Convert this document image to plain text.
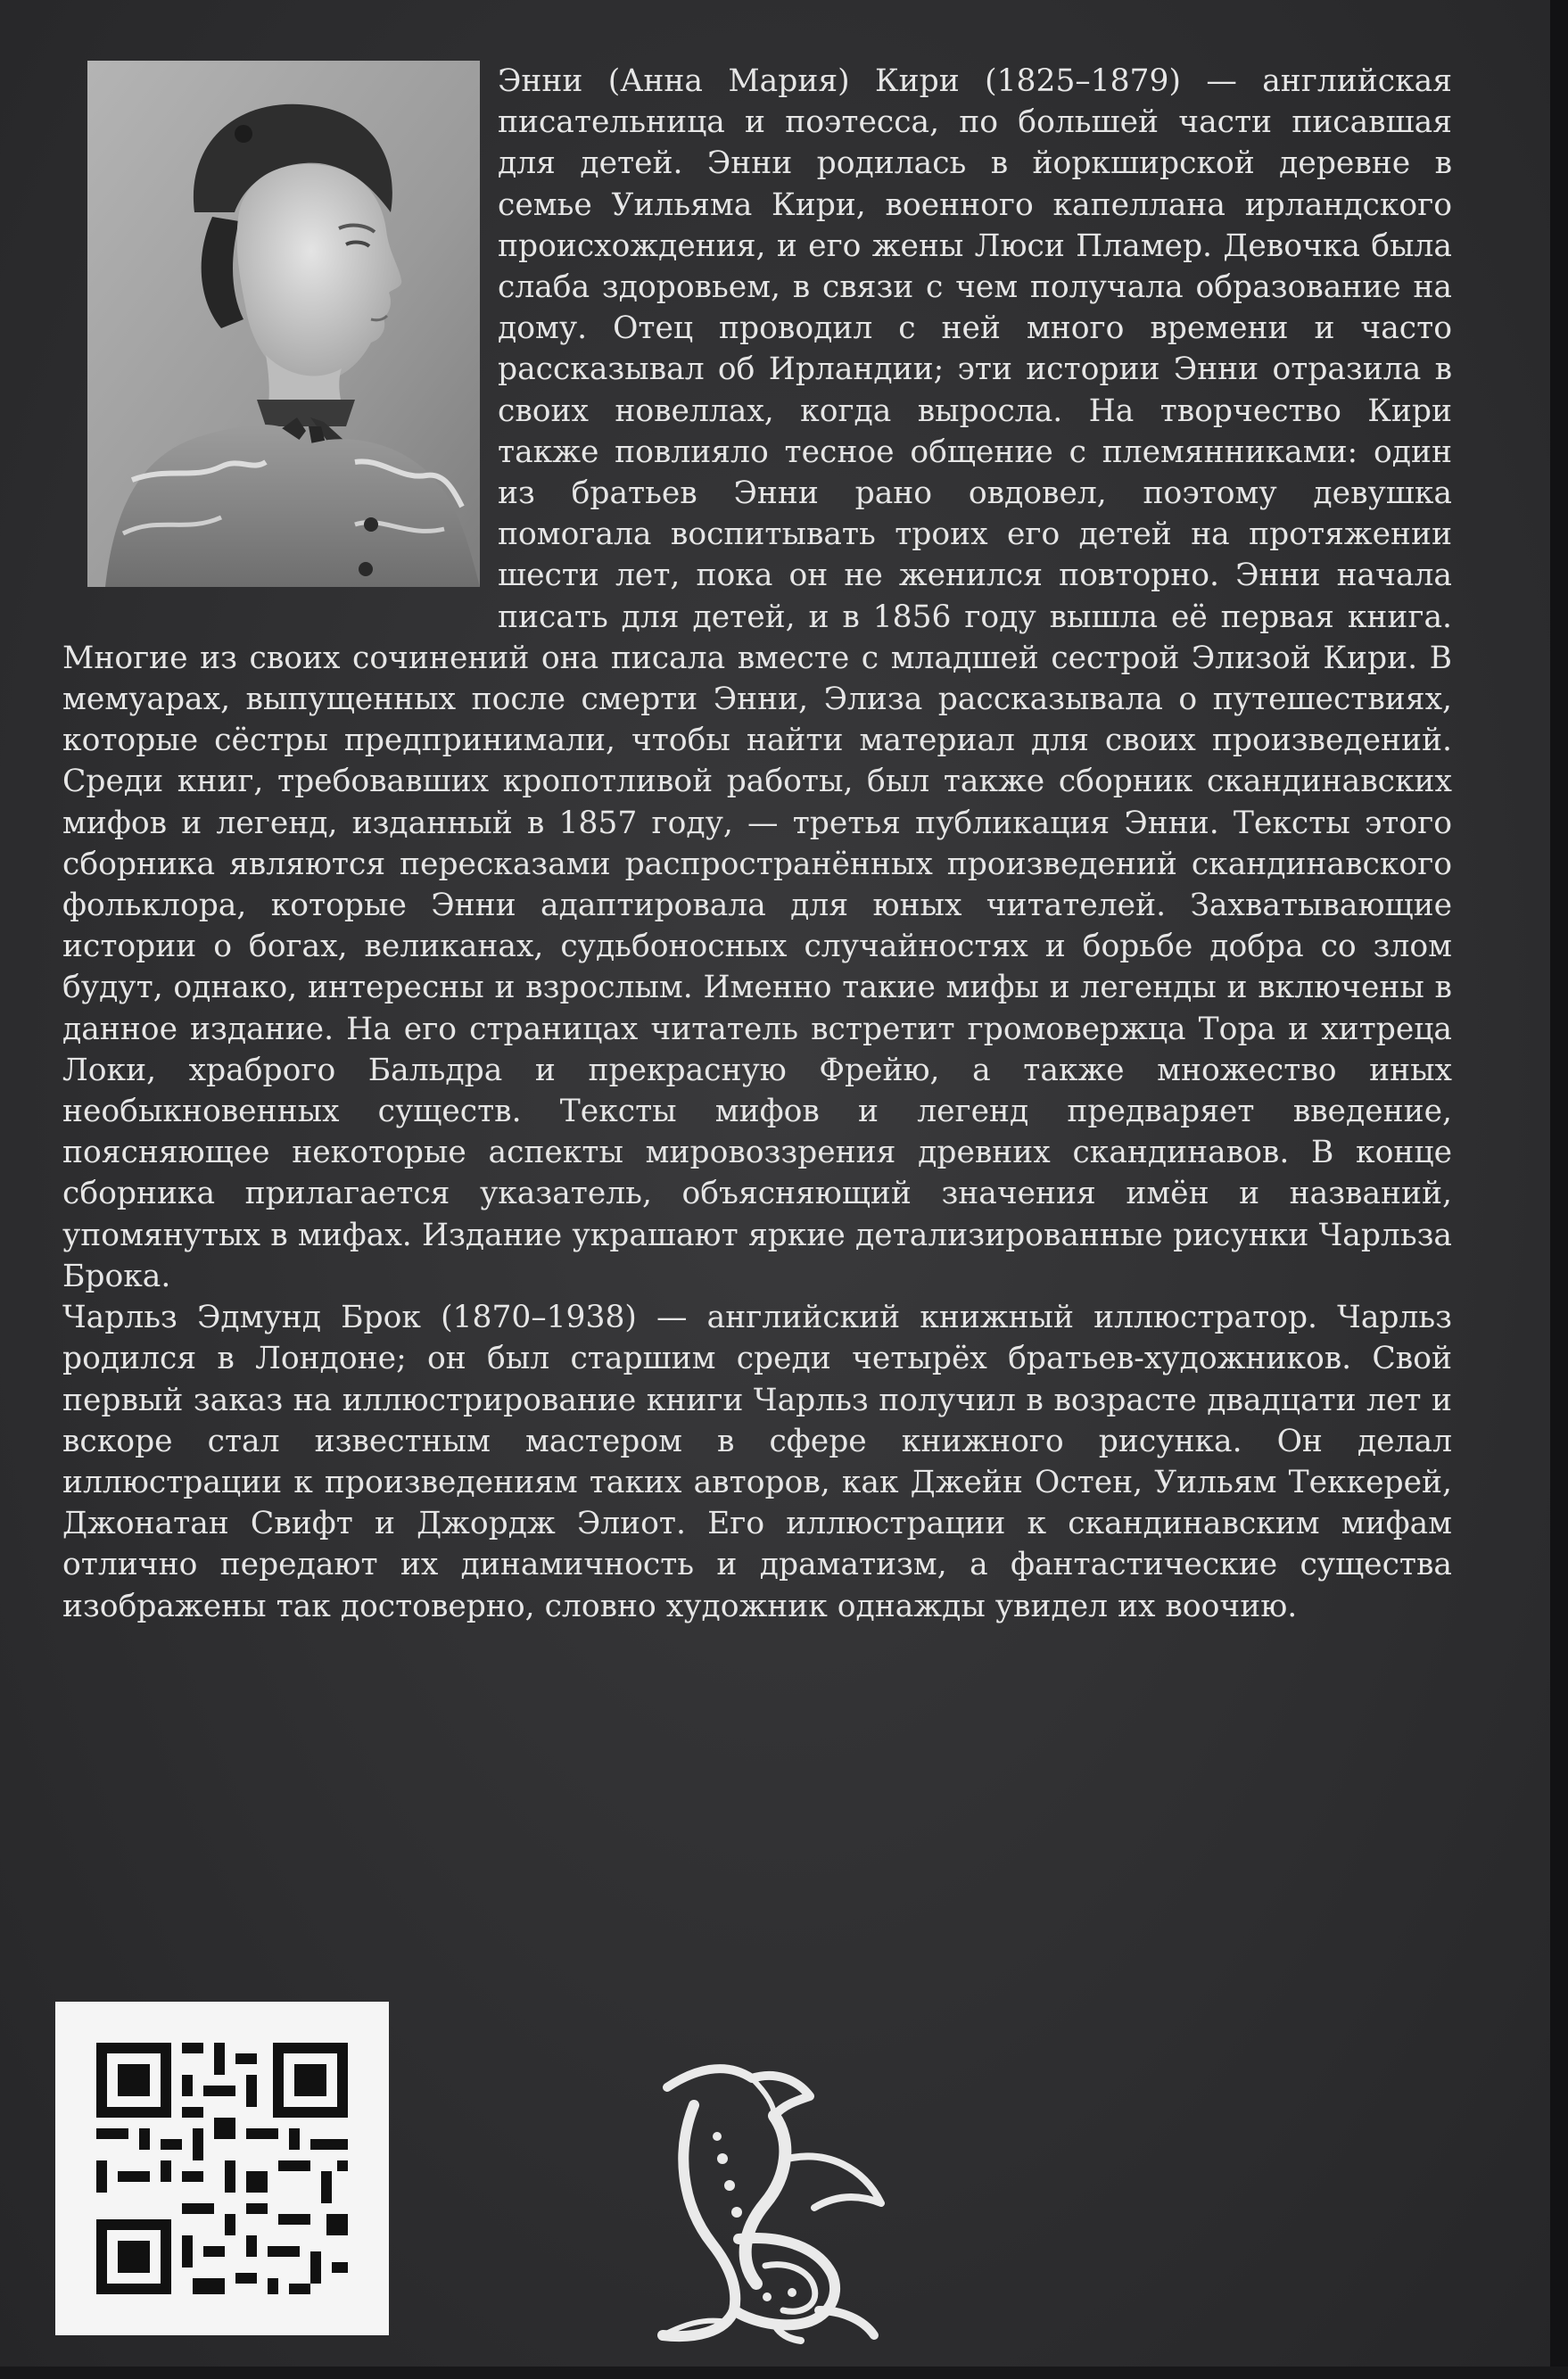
Энни (Анна Мария) Кири (1825–1879) — английская писательница и поэтесса, по большей части писавшая для детей. Энни родилась в йоркширской деревне в семье Уильяма Кири, военного капеллана ирландского происхождения, и его жены Люси Пламер. Девочка была слаба здоровьем, в связи с чем получала образование на дому. Отец проводил с ней много времени и часто рассказывал об Ирландии; эти истории Энни отразила в своих новеллах, когда выросла. На творчество Кири также повлияло тесное общение с племянниками: один из братьев Энни рано овдовел, поэтому девушка помогала воспитывать троих его детей на протяжении шести лет, пока он не женился повторно. Энни начала писать для детей, и в 1856 году вышла её первая книга. Многие из своих сочинений она писала вместе с младшей сестрой Элизой Кири. В мемуарах, выпущенных после смерти Энни, Элиза рассказывала о путешествиях, которые сёстры предпринимали, чтобы найти материал для своих произведений. Среди книг, требовавших кропотливой работы, был также сборник скандинавских мифов и легенд, изданный в 1857 году, — третья публикация Энни. Тексты этого сборника являются пересказами распространённых произведений скандинавского фольклора, которые Энни адаптировала для юных читателей. Захватывающие истории о богах, великанах, судьбоносных случайностях и борьбе добра со злом будут, однако, интересны и взрослым. Именно такие мифы и легенды и включены в данное издание. На его страницах читатель встретит громовержца Тора и хитреца Локи, храброго Бальдра и прекрасную Фрейю, а также множество иных необыкновенных существ. Тексты мифов и легенд предваряет введение, поясняющее некоторые аспекты мировоззрения древних скандинавов. В конце сборника прилагается указатель, объясняющий значения имён и названий, упомянутых в мифах. Издание украшают яркие детализированные рисунки Чарльза Брока.

Чарльз Эдмунд Брок (1870–1938) — английский книжный иллюстратор. Чарльз родился в Лондоне; он был старшим среди четырёх братьев-художников. Свой первый заказ на иллюстрирование книги Чарльз получил в возрасте двадцати лет и вскоре стал известным мастером в сфере книжного рисунка. Он делал иллюстрации к произведениям таких авторов, как Джейн Остен, Уильям Теккерей, Джонатан Свифт и Джордж Элиот. Его иллюстрации к скандинавским мифам отлично передают их динамичность и драматизм, а фантастические существа изображены так достоверно, словно художник однажды увидел их воочию.
